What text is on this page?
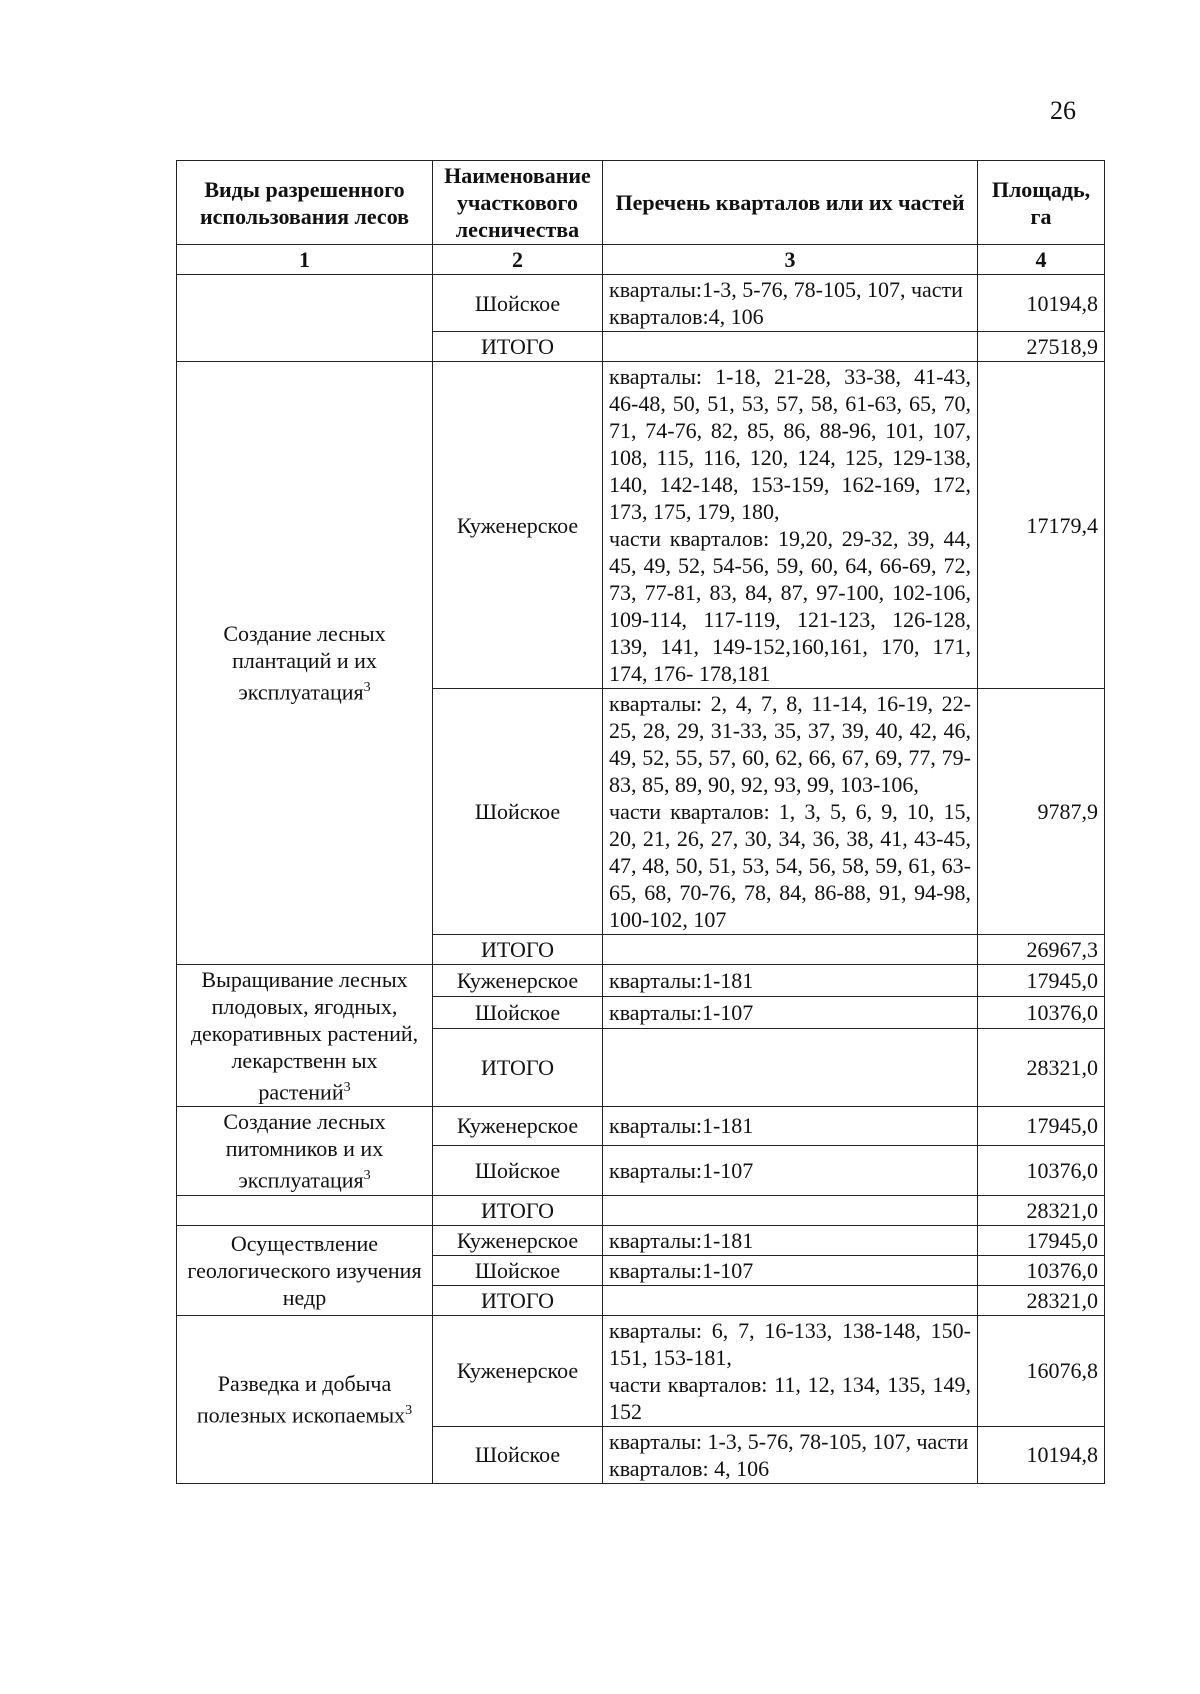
26
Виды разрешенного использования лесов	Наименование участкового лесничества	Перечень кварталов или их частей	Площадь, га
1	2	3	4
	Шойское	кварталы:1-3, 5-76, 78-105, 107, части кварталов:4, 106	10194,8
	ИТОГО		27518,9
Создание лесных плантаций и их эксплуатация$^3$	Куженерское	кварталы: 1-18, 21-28, 33-38, 41-43, 46-48, 50, 51, 53, 57, 58, 61-63, 65, 70, 71, 74-76, 82, 85, 86, 88-96, 101, 107, 108, 115, 116, 120, 124, 125, 129-138, 140, 142-148, 153-159, 162-169, 172, 173, 175, 179, 180,
части кварталов: 19,20, 29-32, 39, 44, 45, 49, 52, 54-56, 59, 60, 64, 66-69, 72, 73, 77-81, 83, 84, 87, 97-100, 102-106, 109-114, 117-119, 121-123, 126-128, 139, 141, 149-152,160,161, 170, 171, 174, 176- 178,181	17179,4
	Шойское	кварталы: 2, 4, 7, 8, 11-14, 16-19, 22-25, 28, 29, 31-33, 35, 37, 39, 40, 42, 46, 49, 52, 55, 57, 60, 62, 66, 67, 69, 77, 79- 83, 85, 89, 90, 92, 93, 99, 103-106,
части кварталов: 1, 3, 5, 6, 9, 10, 15, 20, 21, 26, 27, 30, 34, 36, 38, 41, 43-45, 47, 48, 50, 51, 53, 54, 56, 58, 59, 61, 63-65, 68, 70-76, 78, 84, 86-88, 91, 94-98, 100-102, 107	9787,9
	ИТОГО		26967,3
Выращивание лесных плодовых, ягодных, декоративных растений, лекарственн ых растений$^3$	Куженерское	кварталы:1-181	17945,0
	Шойское	кварталы:1-107	10376,0
	ИТОГО		28321,0
Создание лесных питомников и их эксплуатация$^3$	Куженерское	кварталы:1-181	17945,0
	Шойское	кварталы:1-107	10376,0
	ИТОГО		28321,0
Осуществление геологического изучения недр	Куженерское	кварталы:1-181	17945,0
	Шойское	кварталы:1-107	10376,0
	ИТОГО		28321,0
Разведка и добыча полезных ископаемых$^3$	Куженерское	кварталы: 6, 7, 16-133, 138-148, 150-151, 153-181,
части кварталов: 11, 12, 134, 135, 149, 152	16076,8
	Шойское	кварталы: 1-3, 5-76, 78-105, 107, части кварталов: 4, 106	10194,8
